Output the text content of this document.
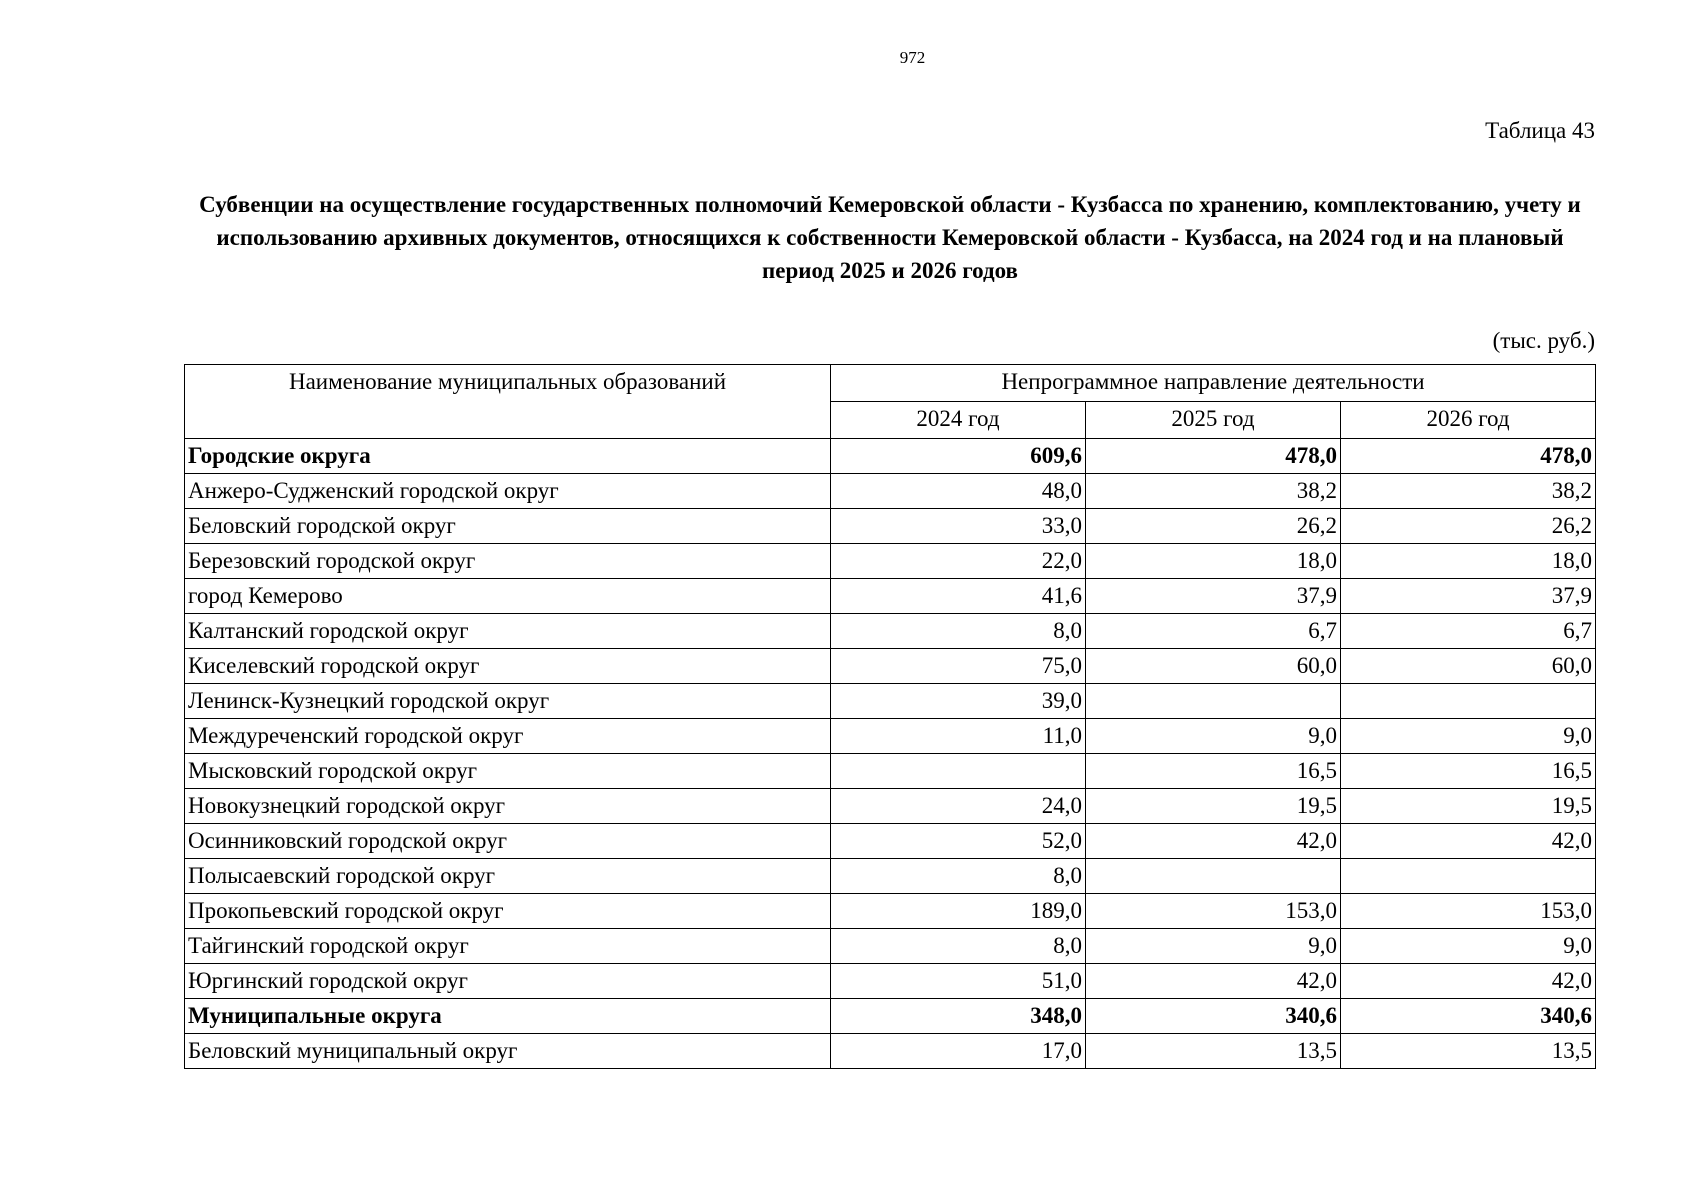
972
Таблица 43
Субвенции на осуществление государственных полномочий Кемеровской области - Кузбасса по хранению, комплектованию, учету и использованию архивных документов, относящихся к собственности Кемеровской области - Кузбасса, на 2024 год и на плановый период 2025 и 2026 годов
(тыс. руб.)
Наименование муниципальных образований	Непрограммное направление деятельности		
	2024 год	2025 год	2026 год
Городские округа	609,6	478,0	478,0
Анжеро-Судженский городской округ	48,0	38,2	38,2
Беловский городской округ	33,0	26,2	26,2
Березовский городской округ	22,0	18,0	18,0
город Кемерово	41,6	37,9	37,9
Калтанский городской округ	8,0	6,7	6,7
Киселевский городской округ	75,0	60,0	60,0
Ленинск-Кузнецкий городской округ	39,0		
Междуреченский городской округ	11,0	9,0	9,0
Мысковский городской округ		16,5	16,5
Новокузнецкий городской округ	24,0	19,5	19,5
Осинниковский городской округ	52,0	42,0	42,0
Полысаевский городской округ	8,0		
Прокопьевский городской округ	189,0	153,0	153,0
Тайгинский городской округ	8,0	9,0	9,0
Юргинский городской округ	51,0	42,0	42,0
Муниципальные округа	348,0	340,6	340,6
Беловский муниципальный округ	17,0	13,5	13,5
